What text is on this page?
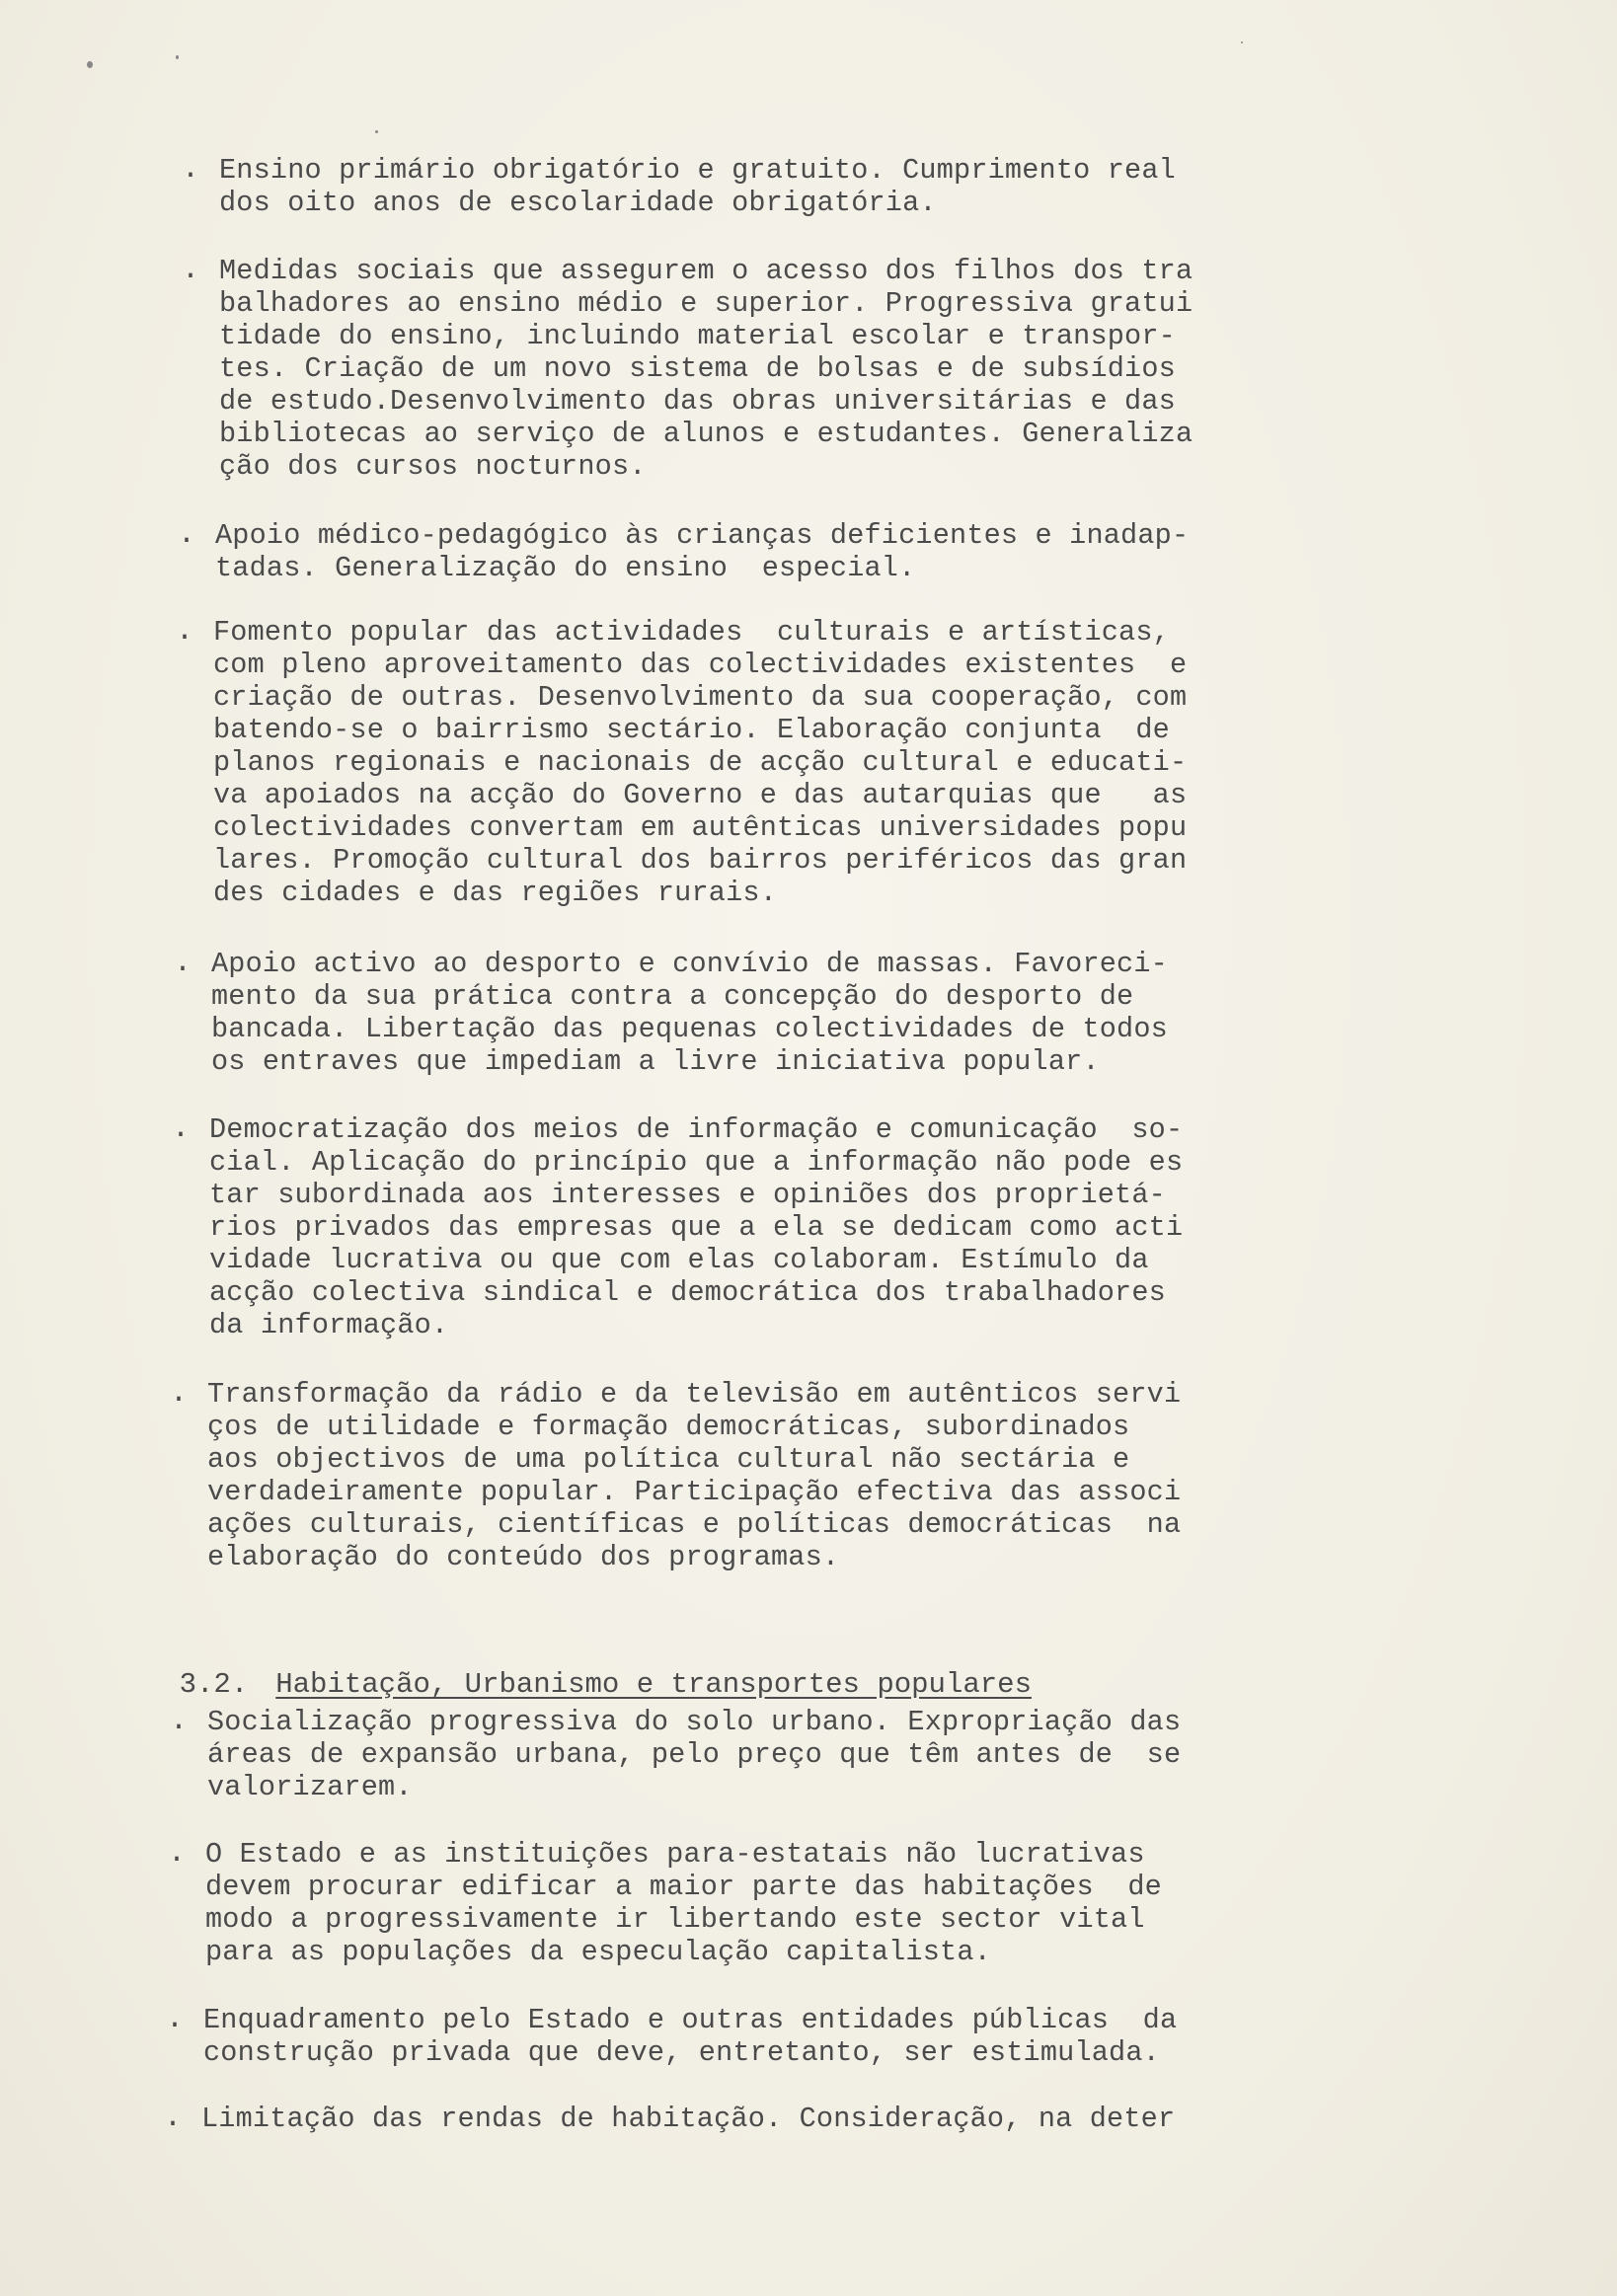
. Ensino primário obrigatório e gratuito. Cumprimento real
dos oito anos de escolaridade obrigatória.
. Medidas sociais que assegurem o acesso dos filhos dos tra
balhadores ao ensino médio e superior. Progressiva gratui
tidade do ensino, incluindo material escolar e transpor-
tes. Criação de um novo sistema de bolsas e de subsídios
de estudo.Desenvolvimento das obras universitárias e das
bibliotecas ao serviço de alunos e estudantes. Generaliza
ção dos cursos nocturnos.
. Apoio médico-pedagógico às crianças deficientes e inadap-
tadas. Generalização do ensino  especial.
. Fomento popular das actividades  culturais e artísticas,
com pleno aproveitamento das colectividades existentes  e
criação de outras. Desenvolvimento da sua cooperação, com
batendo-se o bairrismo sectário. Elaboração conjunta  de
planos regionais e nacionais de acção cultural e educati-
va apoiados na acção do Governo e das autarquias que   as
colectividades convertam em autênticas universidades popu
lares. Promoção cultural dos bairros periféricos das gran
des cidades e das regiões rurais.
. Apoio activo ao desporto e convívio de massas. Favoreci-
mento da sua prática contra a concepção do desporto de
bancada. Libertação das pequenas colectividades de todos
os entraves que impediam a livre iniciativa popular.
. Democratização dos meios de informação e comunicação  so-
cial. Aplicação do princípio que a informação não pode es
tar subordinada aos interesses e opiniões dos proprietá-
rios privados das empresas que a ela se dedicam como acti
vidade lucrativa ou que com elas colaboram. Estímulo da
acção colectiva sindical e democrática dos trabalhadores
da informação.
. Transformação da rádio e da televisão em autênticos servi
ços de utilidade e formação democráticas, subordinados
aos objectivos de uma política cultural não sectária e
verdadeiramente popular. Participação efectiva das associ
ações culturais, científicas e políticas democráticas  na
elaboração do conteúdo dos programas.

3.2. Habitação, Urbanismo e transportes populares

. Socialização progressiva do solo urbano. Expropriação das
áreas de expansão urbana, pelo preço que têm antes de  se
valorizarem.
. O Estado e as instituições para-estatais não lucrativas
devem procurar edificar a maior parte das habitações  de
modo a progressivamente ir libertando este sector vital
para as populações da especulação capitalista.
. Enquadramento pelo Estado e outras entidades públicas  da
construção privada que deve, entretanto, ser estimulada.
. Limitação das rendas de habitação. Consideração, na deter
